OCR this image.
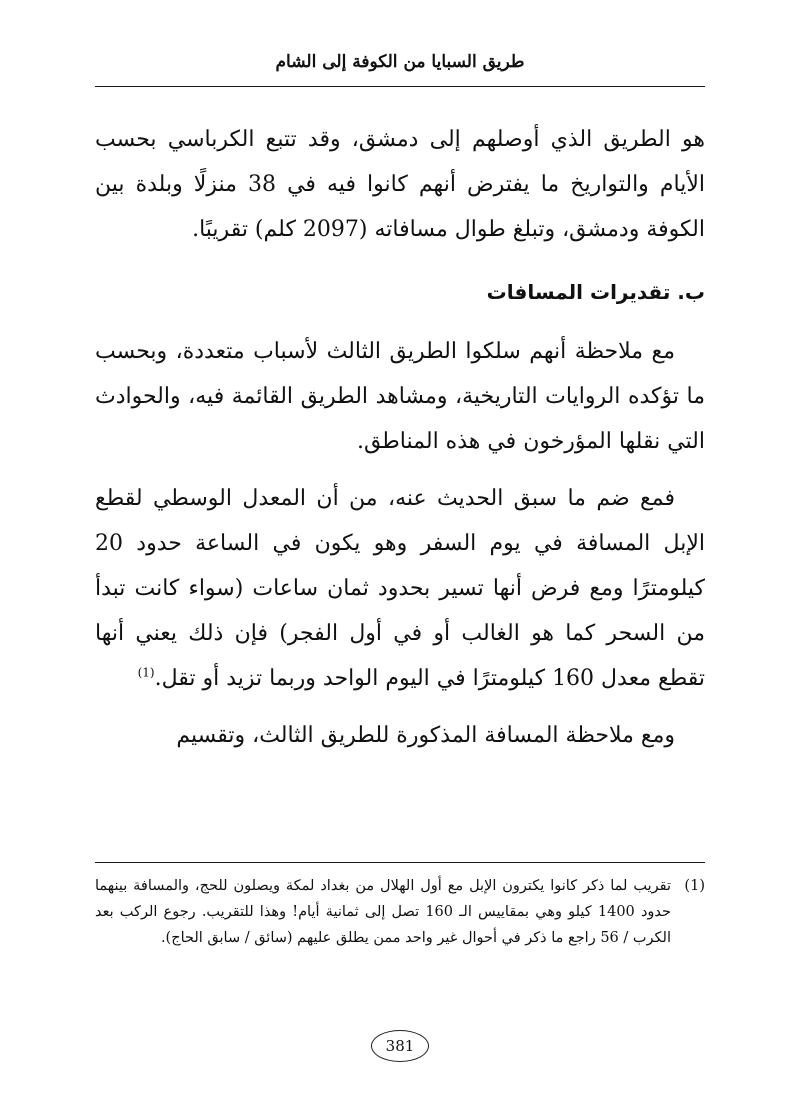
طريق السبايا من الكوفة إلى الشام

هو الطريق الذي أوصلهم إلى دمشق، وقد تتبع الكرباسي بحسب الأيام والتواريخ ما يفترض أنهم كانوا فيه في 38 منزلًا وبلدة بين الكوفة ودمشق، وتبلغ طوال مسافاته (2097 كلم) تقريبًا.

ب. تقديرات المسافات

مع ملاحظة أنهم سلكوا الطريق الثالث لأسباب متعددة، وبحسب ما تؤكده الروايات التاريخية، ومشاهد الطريق القائمة فيه، والحوادث التي نقلها المؤرخون في هذه المناطق.

فمع ضم ما سبق الحديث عنه، من أن المعدل الوسطي لقطع الإبل المسافة في يوم السفر وهو يكون في الساعة حدود 20 كيلومترًا ومع فرض أنها تسير بحدود ثمان ساعات (سواء كانت تبدأ من السحر كما هو الغالب أو في أول الفجر) فإن ذلك يعني أنها تقطع معدل 160 كيلومترًا في اليوم الواحد وربما تزيد أو تقل.$^{(1)}$

ومع ملاحظة المسافة المذكورة للطريق الثالث، وتقسيم

(1)
تقريب لما ذكر كانوا يكترون الإبل مع أول الهلال من بغداد لمكة ويصلون للحج، والمسافة بينهما حدود 1400 كيلو وهي بمقاييس الـ 160 تصل إلى ثمانية أيام! وهذا للتقريب. رجوع الركب بعد الكرب / 56 راجع ما ذكر في أحوال غير واحد ممن يطلق عليهم (سائق / سابق الحاج).
381
